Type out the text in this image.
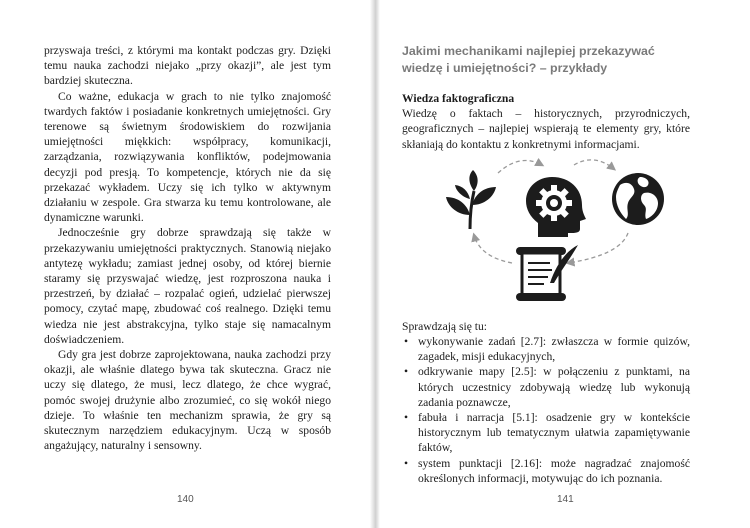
przyswaja treści, z którymi ma kontakt podczas gry. Dzięki temu nauka zachodzi niejako „przy okazji”, ale jest tym bardziej skuteczna.

Co ważne, edukacja w grach to nie tylko znajomość twardych faktów i posiadanie konkretnych umiejętności. Gry terenowe są świetnym środowiskiem do rozwijania umiejętności miękkich: współpracy, komunikacji, zarządzania, rozwiązywania konfliktów, podejmowania decyzji pod presją. To kompetencje, których nie da się przekazać wykładem. Uczy się ich tylko w aktywnym działaniu w zespole. Gra stwarza ku temu kontrolowane, ale dynamiczne warunki.

Jednocześnie gry dobrze sprawdzają się także w przekazywaniu umiejętności praktycznych. Stanowią niejako antytezę wykładu; zamiast jednej osoby, od której biernie staramy się przyswajać wiedzę, jest rozproszona nauka i przestrzeń, by działać – rozpalać ogień, udzielać pierwszej pomocy, czytać mapę, zbudować coś realnego. Dzięki temu wiedza nie jest abstrakcyjna, tylko staje się namacalnym doświadczeniem.

Gdy gra jest dobrze zaprojektowana, nauka zachodzi przy okazji, ale właśnie dlatego bywa tak skuteczna. Gracz nie uczy się dlatego, że musi, lecz dlatego, że chce wygrać, pomóc swojej drużynie albo zrozumieć, co się wokół niego dzieje. To właśnie ten mechanizm sprawia, że gry są skutecznym narzędziem edukacyjnym. Uczą w sposób angażujący, naturalny i sensowny.

140
Jakimi mechanikami najlepiej przekazywać wiedzę i umiejętności? – przykłady
Wiedza faktograficzna

Wiedzę o faktach – historycznych, przyrodniczych, geograficznych – najlepiej wspierają te elementy gry, które skłaniają do kontaktu z konkretnymi informacjami.

Sprawdzają się tu:

• wykonywanie zadań [2.7]: zwłaszcza w formie quizów, zagadek, misji edukacyjnych,
• odkrywanie mapy [2.5]: w połączeniu z punktami, na których uczestnicy zdobywają wiedzę lub wykonują zadania poznawcze,
• fabuła i narracja [5.1]: osadzenie gry w kontekście historycznym lub tematycznym ułatwia zapamiętywanie faktów,
• system punktacji [2.16]: może nagradzać znajomość określonych informacji, motywując do ich poznania.
141
